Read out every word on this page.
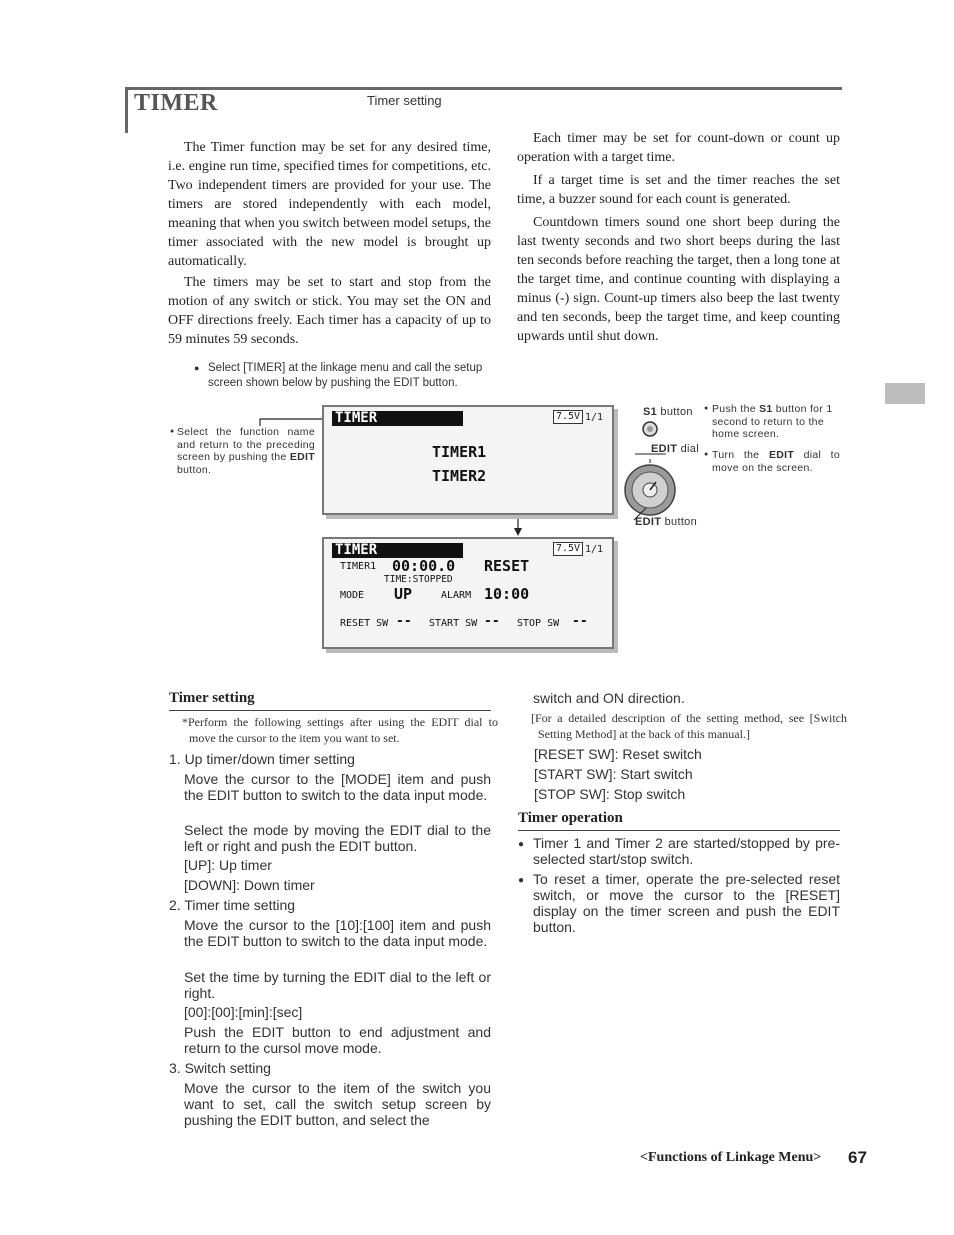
TIMER	Timer setting

The Timer function may be set for any desired time, i.e. engine run time, specified times for competitions, etc. Two independent timers are provided for your use. The timers are stored independently with each model, meaning that when you switch between model setups, the timer associated with the new model is brought up automatically.

The timers may be set to start and stop from the motion of any switch or stick. You may set the ON and OFF directions freely. Each timer has a capacity of up to 59 minutes 59 seconds.

Each timer may be set for count-down or count up operation with a target time.

If a target time is set and the timer reaches the set time, a buzzer sound for each count is generated.

Countdown timers sound one short beep during the last twenty seconds and two short beeps during the last ten seconds before reaching the target, then a long tone at the target time, and continue counting with displaying a minus (-) sign. Count-up timers also beep the last twenty and ten seconds, beep the target time, and keep counting upwards until shut down.

● Select [TIMER] at the linkage menu and call the setup screen shown below by pushing the EDIT button.
● Select the function name and return to the preceding screen by pushing the EDIT button.
TIMER	7.5V 1/1
TIMER1
TIMER2
TIMER	7.5V 1/1
TIMER1 00:00.0 RESET
TIME:STOPPED
MODE UP	ALARM 10:00
RESET SW -- START SW -- STOP SW --
S1 button
EDIT dial
EDIT button
● Push the S1 button for 1 second to return to the home screen.
● Turn the EDIT dial to move on the screen.
Timer setting

*Perform the following settings after using the EDIT dial to move the cursor to the item you want to set.

1. Up timer/down timer setting

Move the cursor to the [MODE] item and push the EDIT button to switch to the data input mode.

Select the mode by moving the EDIT dial to the left or right and push the EDIT button.

[UP]: Up timer
[DOWN]: Down timer
2. Timer time setting

Move the cursor to the [10]:[100] item and push the EDIT button to switch to the data input mode.

Set the time by turning the EDIT dial to the left or right.

[00]:[00]:[min]:[sec]

Push the EDIT button to end adjustment and return to the cursol move mode.

3. Switch setting

Move the cursor to the item of the switch you want to set, call the switch setup screen by pushing the EDIT button, and select the

switch and ON direction.

[For a detailed description of the setting method, see [Switch Setting Method] at the back of this manual.]

[RESET SW]: Reset switch
[START SW]: Start switch
[STOP SW]: Stop switch
Timer operation
● Timer 1 and Timer 2 are started/stopped by pre-selected start/stop switch.

● To reset a timer, operate the pre-selected reset switch, or move the cursor to the [RESET] display on the timer screen and push the EDIT button.

<Functions of Linkage Menu>	67
